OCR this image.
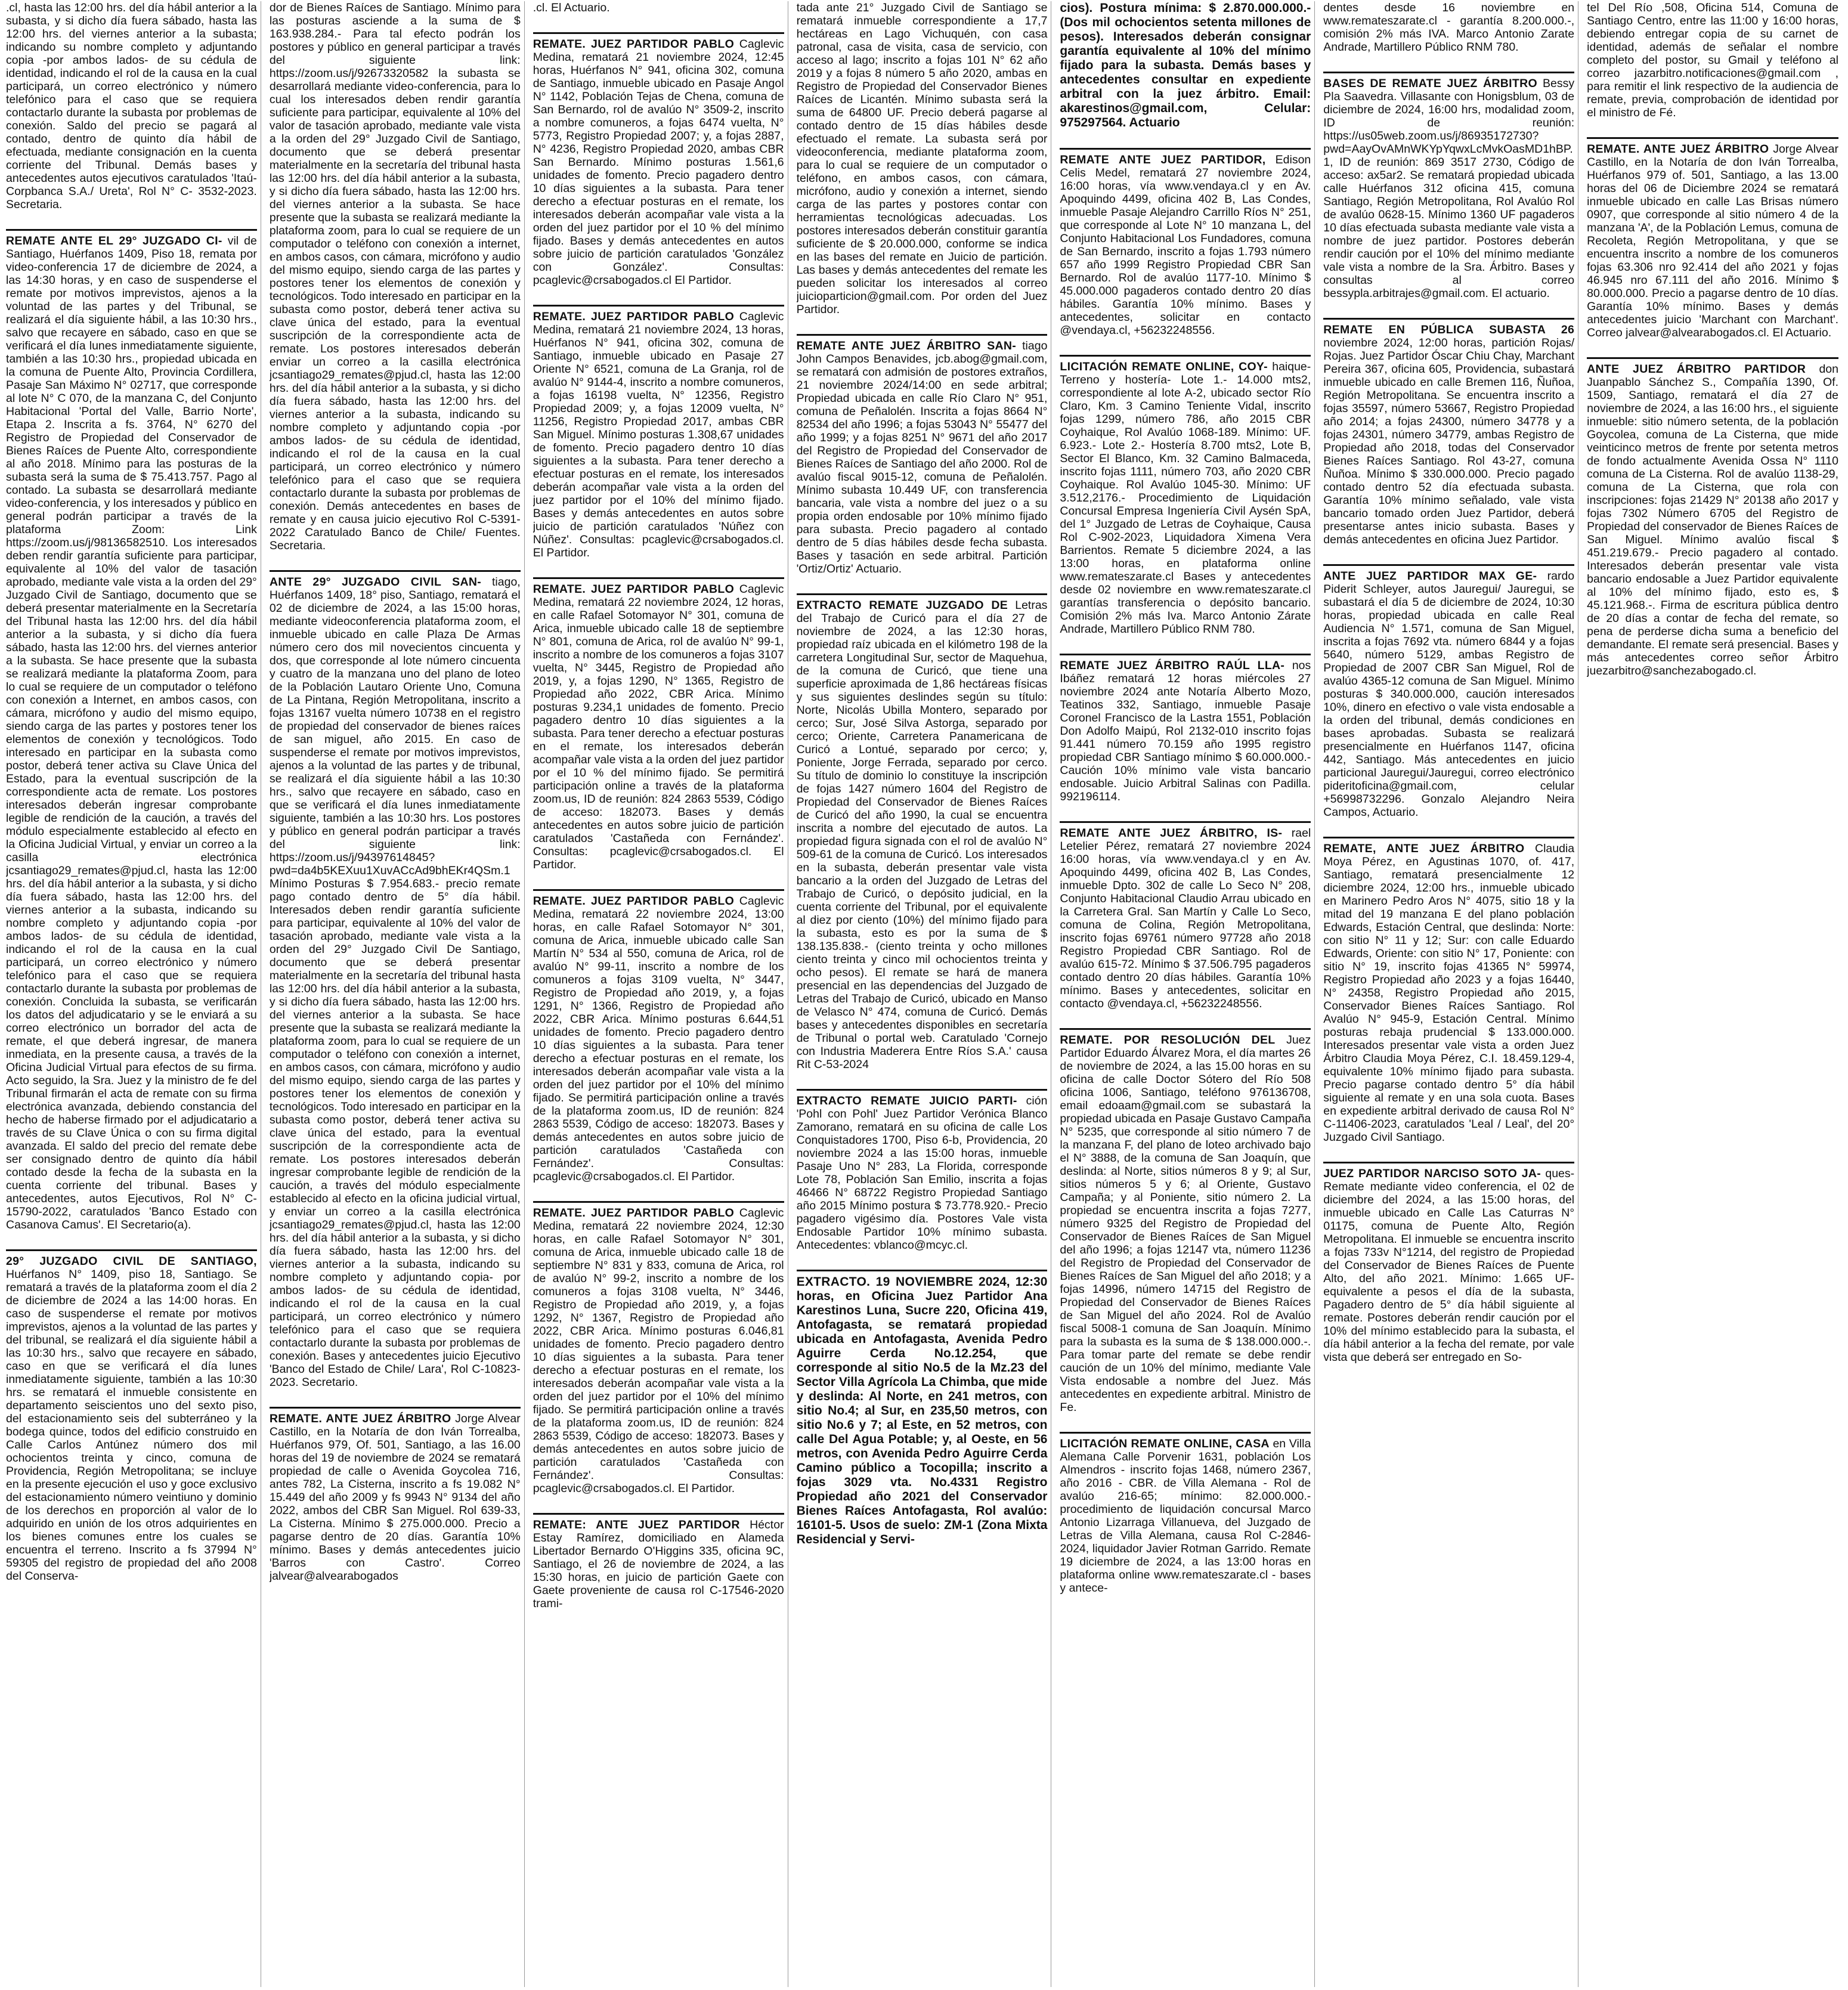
.cl, hasta las 12:00 hrs. del día hábil anterior a la subasta, y si dicho día fuera sábado, hasta las 12:00 hrs. del viernes anterior a la subasta; indicando su nombre completo y adjuntando copia -por ambos lados- de su cédula de identidad, indicando el rol de la causa en la cual participará, un correo electrónico y número telefónico para el caso que se requiera contactarlo durante la subasta por problemas de conexión. Saldo del precio se pagará al contado, dentro de quinto día hábil de efectuada, mediante consignación en la cuenta corriente del Tribunal. Demás bases y antecedentes autos ejecutivos caratulados 'Itaú-Corpbanca S.A./ Ureta', Rol N° C- 3532-2023. Secretaria.

REMATE ANTE EL 29° JUZGADO CI- vil de Santiago, Huérfanos 1409, Piso 18, remata por video-conferencia 17 de diciembre de 2024, a las 14:30 horas, y en caso de suspenderse el remate por motivos imprevistos, ajenos a la voluntad de las partes y del Tribunal, se realizará el día siguiente hábil, a las 10:30 hrs., salvo que recayere en sábado, caso en que se verificará el día lunes inmediatamente siguiente, también a las 10:30 hrs., propiedad ubicada en la comuna de Puente Alto, Provincia Cordillera, Pasaje San Máximo N° 02717, que corresponde al lote N° C 070, de la manzana C, del Conjunto Habitacional 'Portal del Valle, Barrio Norte', Etapa 2. Inscrita a fs. 3764, N° 6270 del Registro de Propiedad del Conservador de Bienes Raíces de Puente Alto, correspondiente al año 2018. Mínimo para las posturas de la subasta será la suma de $ 75.413.757. Pago al contado. La subasta se desarrollará mediante video-conferencia, y los interesados y público en general podrán participar a través de la plataforma Zoom: Link https://zoom.us/j/98136582510. Los interesados deben rendir garantía suficiente para participar, equivalente al 10% del valor de tasación aprobado, mediante vale vista a la orden del 29° Juzgado Civil de Santiago, documento que se deberá presentar materialmente en la Secretaría del Tribunal hasta las 12:00 hrs. del día hábil anterior a la subasta, y si dicho día fuera sábado, hasta las 12:00 hrs. del viernes anterior a la subasta. Se hace presente que la subasta se realizará mediante la plataforma Zoom, para lo cual se requiere de un computador o teléfono con conexión a Internet, en ambos casos, con cámara, micrófono y audio del mismo equipo, siendo carga de las partes y postores tener los elementos de conexión y tecnológicos. Todo interesado en participar en la subasta como postor, deberá tener activa su Clave Única del Estado, para la eventual suscripción de la correspondiente acta de remate. Los postores interesados deberán ingresar comprobante legible de rendición de la caución, a través del módulo especialmente establecido al efecto en la Oficina Judicial Virtual, y enviar un correo a la casilla electrónica jcsantiago29_remates@pjud.cl, hasta las 12:00 hrs. del día hábil anterior a la subasta, y si dicho día fuera sábado, hasta las 12:00 hrs. del viernes anterior a la subasta, indicando su nombre completo y adjuntando copia -por ambos lados- de su cédula de identidad, indicando el rol de la causa en la cual participará, un correo electrónico y número telefónico para el caso que se requiera contactarlo durante la subasta por problemas de conexión. Concluida la subasta, se verificarán los datos del adjudicatario y se le enviará a su correo electrónico un borrador del acta de remate, el que deberá ingresar, de manera inmediata, en la presente causa, a través de la Oficina Judicial Virtual para efectos de su firma. Acto seguido, la Sra. Juez y la ministro de fe del Tribunal firmarán el acta de remate con su firma electrónica avanzada, debiendo constancia del hecho de haberse firmado por el adjudicatario a través de su Clave Única o con su firma digital avanzada. El saldo del precio del remate debe ser consignado dentro de quinto día hábil contado desde la fecha de la subasta en la cuenta corriente del tribunal. Bases y antecedentes, autos Ejecutivos, Rol N° C-15790-2022, caratulados 'Banco Estado con Casanova Camus'. El Secretario(a).

29° JUZGADO CIVIL DE SANTIAGO, Huérfanos N° 1409, piso 18, Santiago. Se rematará a través de la plataforma zoom el día 2 de diciembre de 2024 a las 14:00 horas. En caso de suspenderse el remate por motivos imprevistos, ajenos a la voluntad de las partes y del tribunal, se realizará el día siguiente hábil a las 10:30 hrs., salvo que recayere en sábado, caso en que se verificará el día lunes inmediatamente siguiente, también a las 10:30 hrs. se rematará el inmueble consistente en departamento seiscientos uno del sexto piso, del estacionamiento seis del subterráneo y la bodega quince, todos del edificio construido en Calle Carlos Antúnez número dos mil ochocientos treinta y cinco, comuna de Providencia, Región Metropolitana; se incluye en la presente ejecución el uso y goce exclusivo del estacionamiento número veintiuno y dominio de los derechos en proporción al valor de lo adquirido en unión de los otros adquirientes en los bienes comunes entre los cuales se encuentra el terreno. Inscrito a fs 37994 N° 59305 del registro de propiedad del año 2008 del Conserva-

dor de Bienes Raíces de Santiago. Mínimo para las posturas asciende a la suma de $ 163.938.284.- Para tal efecto podrán los postores y público en general participar a través del siguiente link: https://zoom.us/j/92673320582 la subasta se desarrollará mediante video-conferencia, para lo cual los interesados deben rendir garantía suficiente para participar, equivalente al 10% del valor de tasación aprobado, mediante vale vista a la orden del 29° Juzgado Civil de Santiago, documento que se deberá presentar materialmente en la secretaría del tribunal hasta las 12:00 hrs. del día hábil anterior a la subasta, y si dicho día fuera sábado, hasta las 12:00 hrs. del viernes anterior a la subasta. Se hace presente que la subasta se realizará mediante la plataforma zoom, para lo cual se requiere de un computador o teléfono con conexión a internet, en ambos casos, con cámara, micrófono y audio del mismo equipo, siendo carga de las partes y postores tener los elementos de conexión y tecnológicos. Todo interesado en participar en la subasta como postor, deberá tener activa su clave única del estado, para la eventual suscripción de la correspondiente acta de remate. Los postores interesados deberán enviar un correo a la casilla electrónica jcsantiago29_remates@pjud.cl, hasta las 12:00 hrs. del día hábil anterior a la subasta, y si dicho día fuera sábado, hasta las 12:00 hrs. del viernes anterior a la subasta, indicando su nombre completo y adjuntando copia -por ambos lados- de su cédula de identidad, indicando el rol de la causa en la cual participará, un correo electrónico y número telefónico para el caso que se requiera contactarlo durante la subasta por problemas de conexión. Demás antecedentes en bases de remate y en causa juicio ejecutivo Rol C-5391-2022 Caratulado Banco de Chile/ Fuentes. Secretaria.

ANTE 29° JUZGADO CIVIL SAN- tiago, Huérfanos 1409, 18° piso, Santiago, rematará el 02 de diciembre de 2024, a las 15:00 horas, mediante videoconferencia plataforma zoom, el inmueble ubicado en calle Plaza De Armas número cero dos mil novecientos cincuenta y dos, que corresponde al lote número cincuenta y cuatro de la manzana uno del plano de loteo de la Población Lautaro Oriente Uno, Comuna de La Pintana, Región Metropolitana, inscrito a fojas 13167 vuelta número 10738 en el registro de propiedad del conservador de bienes raíces de san miguel, año 2015. En caso de suspenderse el remate por motivos imprevistos, ajenos a la voluntad de las partes y de tribunal, se realizará el día siguiente hábil a las 10:30 hrs., salvo que recayere en sábado, caso en que se verificará el día lunes inmediatamente siguiente, también a las 10:30 hrs. Los postores y público en general podrán participar a través del siguiente link: https://zoom.us/j/94397614845?pwd=da4b5KEXuu1XuvACcAd9bhEKr4QSm.1 Mínimo Posturas $ 7.954.683.- precio remate pago contado dentro de 5° día hábil. Interesados deben rendir garantía suficiente para participar, equivalente al 10% del valor de tasación aprobado, mediante vale vista a la orden del 29° Juzgado Civil De Santiago, documento que se deberá presentar materialmente en la secretaría del tribunal hasta las 12:00 hrs. del día hábil anterior a la subasta, y si dicho día fuera sábado, hasta las 12:00 hrs. del viernes anterior a la subasta. Se hace presente que la subasta se realizará mediante la plataforma zoom, para lo cual se requiere de un computador o teléfono con conexión a internet, en ambos casos, con cámara, micrófono y audio del mismo equipo, siendo carga de las partes y postores tener los elementos de conexión y tecnológicos. Todo interesado en participar en la subasta como postor, deberá tener activa su clave única del estado, para la eventual suscripción de la correspondiente acta de remate. Los postores interesados deberán ingresar comprobante legible de rendición de la caución, a través del módulo especialmente establecido al efecto en la oficina judicial virtual, y enviar un correo a la casilla electrónica jcsantiago29_remates@pjud.cl, hasta las 12:00 hrs. del día hábil anterior a la subasta, y si dicho día fuera sábado, hasta las 12:00 hrs. del viernes anterior a la subasta, indicando su nombre completo y adjuntando copia- por ambos lados- de su cédula de identidad, indicando el rol de la causa en la cual participará, un correo electrónico y número telefónico para el caso que se requiera contactarlo durante la subasta por problemas de conexión. Bases y antecedentes juicio Ejecutivo 'Banco del Estado de Chile/ Lara', Rol C-10823-2023. Secretario.

REMATE. ANTE JUEZ ÁRBITRO Jorge Alvear Castillo, en la Notaría de don Iván Torrealba, Huérfanos 979, Of. 501, Santiago, a las 16.00 horas del 19 de noviembre de 2024 se rematará propiedad de calle o Avenida Goycolea 716, antes 782, La Cisterna, inscrito a fs 19.082 N° 15.449 del año 2009 y fs 9943 N° 9134 del año 2022, ambos del CBR San Miguel. Rol 639-33, La Cisterna. Mínimo $ 275.000.000. Precio a pagarse dentro de 20 días. Garantía 10% mínimo. Bases y demás antecedentes juicio 'Barros con Castro'. Correo jalvear@alvearabogados

.cl. El Actuario.

REMATE. JUEZ PARTIDOR PABLO Caglevic Medina, rematará 21 noviembre 2024, 12:45 horas, Huérfanos N° 941, oficina 302, comuna de Santiago, inmueble ubicado en Pasaje Angol N° 1142, Población Tejas de Chena, comuna de San Bernardo, rol de avalúo N° 3509-2, inscrito a nombre comuneros, a fojas 6474 vuelta, N° 5773, Registro Propiedad 2007; y, a fojas 2887, N° 4236, Registro Propiedad 2020, ambas CBR San Bernardo. Mínimo posturas 1.561,6 unidades de fomento. Precio pagadero dentro 10 días siguientes a la subasta. Para tener derecho a efectuar posturas en el remate, los interesados deberán acompañar vale vista a la orden del juez partidor por el 10 % del mínimo fijado. Bases y demás antecedentes en autos sobre juicio de partición caratulados 'González con González'. Consultas: pcaglevic@crsabogados.cl El Partidor.

REMATE. JUEZ PARTIDOR PABLO Caglevic Medina, rematará 21 noviembre 2024, 13 horas, Huérfanos N° 941, oficina 302, comuna de Santiago, inmueble ubicado en Pasaje 27 Oriente N° 6521, comuna de La Granja, rol de avalúo N° 9144-4, inscrito a nombre comuneros, a fojas 16198 vuelta, N° 12356, Registro Propiedad 2009; y, a fojas 12009 vuelta, N° 11256, Registro Propiedad 2017, ambas CBR San Miguel. Mínimo posturas 1.308,67 unidades de fomento. Precio pagadero dentro 10 días siguientes a la subasta. Para tener derecho a efectuar posturas en el remate, los interesados deberán acompañar vale vista a la orden del juez partidor por el 10% del mínimo fijado. Bases y demás antecedentes en autos sobre juicio de partición caratulados 'Núñez con Núñez'. Consultas: pcaglevic@crsabogados.cl. El Partidor.

REMATE. JUEZ PARTIDOR PABLO Caglevic Medina, rematará 22 noviembre 2024, 12 horas, en calle Rafael Sotomayor N° 301, comuna de Arica, inmueble ubicado calle 18 de septiembre N° 801, comuna de Arica, rol de avalúo N° 99-1, inscrito a nombre de los comuneros a fojas 3107 vuelta, N° 3445, Registro de Propiedad año 2019, y, a fojas 1290, N° 1365, Registro de Propiedad año 2022, CBR Arica. Mínimo posturas 9.234,1 unidades de fomento. Precio pagadero dentro 10 días siguientes a la subasta. Para tener derecho a efectuar posturas en el remate, los interesados deberán acompañar vale vista a la orden del juez partidor por el 10 % del mínimo fijado. Se permitirá participación online a través de la plataforma zoom.us, ID de reunión: 824 2863 5539, Código de acceso: 182073. Bases y demás antecedentes en autos sobre juicio de partición caratulados 'Castañeda con Fernández'. Consultas: pcaglevic@crsabogados.cl. El Partidor.

REMATE. JUEZ PARTIDOR PABLO Caglevic Medina, rematará 22 noviembre 2024, 13:00 horas, en calle Rafael Sotomayor N° 301, comuna de Arica, inmueble ubicado calle San Martín N° 534 al 550, comuna de Arica, rol de avalúo N° 99-11, inscrito a nombre de los comuneros a fojas 3109 vuelta, N° 3447, Registro de Propiedad año 2019, y, a fojas 1291, N° 1366, Registro de Propiedad año 2022, CBR Arica. Mínimo posturas 6.644,51 unidades de fomento. Precio pagadero dentro 10 días siguientes a la subasta. Para tener derecho a efectuar posturas en el remate, los interesados deberán acompañar vale vista a la orden del juez partidor por el 10% del mínimo fijado. Se permitirá participación online a través de la plataforma zoom.us, ID de reunión: 824 2863 5539, Código de acceso: 182073. Bases y demás antecedentes en autos sobre juicio de partición caratulados 'Castañeda con Fernández'. Consultas: pcaglevic@crsabogados.cl. El Partidor.

REMATE. JUEZ PARTIDOR PABLO Caglevic Medina, rematará 22 noviembre 2024, 12:30 horas, en calle Rafael Sotomayor N° 301, comuna de Arica, inmueble ubicado calle 18 de septiembre N° 831 y 833, comuna de Arica, rol de avalúo N° 99-2, inscrito a nombre de los comuneros a fojas 3108 vuelta, N° 3446, Registro de Propiedad año 2019, y, a fojas 1292, N° 1367, Registro de Propiedad año 2022, CBR Arica. Mínimo posturas 6.046,81 unidades de fomento. Precio pagadero dentro 10 días siguientes a la subasta. Para tener derecho a efectuar posturas en el remate, los interesados deberán acompañar vale vista a la orden del juez partidor por el 10% del mínimo fijado. Se permitirá participación online a través de la plataforma zoom.us, ID de reunión: 824 2863 5539, Código de acceso: 182073. Bases y demás antecedentes en autos sobre juicio de partición caratulados 'Castañeda con Fernández'. Consultas: pcaglevic@crsabogados.cl. El Partidor.

REMATE: ANTE JUEZ PARTIDOR Héctor Estay Ramírez, domiciliado en Alameda Libertador Bernardo O'Higgins 335, oficina 9C, Santiago, el 26 de noviembre de 2024, a las 15:30 horas, en juicio de partición Gaete con Gaete proveniente de causa rol C-17546-2020 trami-

tada ante 21° Juzgado Civil de Santiago se rematará inmueble correspondiente a 17,7 hectáreas en Lago Vichuquén, con casa patronal, casa de visita, casa de servicio, con acceso al lago; inscrito a fojas 101 N° 62 año 2019 y a fojas 8 número 5 año 2020, ambas en Registro de Propiedad del Conservador Bienes Raíces de Licantén. Mínimo subasta será la suma de 64800 UF. Precio deberá pagarse al contado dentro de 15 días hábiles desde efectuado el remate. La subasta será por videoconferencia, mediante plataforma zoom, para lo cual se requiere de un computador o teléfono, en ambos casos, con cámara, micrófono, audio y conexión a internet, siendo carga de las partes y postores contar con herramientas tecnológicas adecuadas. Los postores interesados deberán constituir garantía suficiente de $ 20.000.000, conforme se indica en las bases del remate en Juicio de partición. Las bases y demás antecedentes del remate les pueden solicitar los interesados al correo juicioparticion@gmail.com. Por orden del Juez Partidor.

REMATE ANTE JUEZ ÁRBITRO SAN- tiago John Campos Benavides, jcb.abog@gmail.com, se rematará con admisión de postores extraños, 21 noviembre 2024/14:00 en sede arbitral; Propiedad ubicada en calle Río Claro N° 951, comuna de Peñalolén. Inscrita a fojas 8664 N° 82534 del año 1996; a fojas 53043 N° 55477 del año 1999; y a fojas 8251 N° 9671 del año 2017 del Registro de Propiedad del Conservador de Bienes Raíces de Santiago del año 2000. Rol de avalúo fiscal 9015-12, comuna de Peñalolén. Mínimo subasta 10.449 UF, con transferencia bancaria, vale vista a nombre del juez o a su propia orden endosable por 10% mínimo fijado para subasta. Precio pagadero al contado dentro de 5 días hábiles desde fecha subasta. Bases y tasación en sede arbitral. Partición 'Ortiz/Ortiz' Actuario.

EXTRACTO REMATE JUZGADO DE Letras del Trabajo de Curicó para el día 27 de noviembre de 2024, a las 12:30 horas, propiedad raíz ubicada en el kilómetro 198 de la carretera Longitudinal Sur, sector de Maquehua, de la comuna de Curicó, que tiene una superficie aproximada de 1,86 hectáreas físicas y sus siguientes deslindes según su título: Norte, Nicolás Ubilla Montero, separado por cerco; Sur, José Silva Astorga, separado por cerco; Oriente, Carretera Panamericana de Curicó a Lontué, separado por cerco; y, Poniente, Jorge Ferrada, separado por cerco. Su título de dominio lo constituye la inscripción de fojas 1427 número 1604 del Registro de Propiedad del Conservador de Bienes Raíces de Curicó del año 1990, la cual se encuentra inscrita a nombre del ejecutado de autos. La propiedad figura signada con el rol de avalúo N° 509-61 de la comuna de Curicó. Los interesados en la subasta, deberán presentar vale vista bancario a la orden del Juzgado de Letras del Trabajo de Curicó, o depósito judicial, en la cuenta corriente del Tribunal, por el equivalente al diez por ciento (10%) del mínimo fijado para la subasta, esto es por la suma de $ 138.135.838.- (ciento treinta y ocho millones ciento treinta y cinco mil ochocientos treinta y ocho pesos). El remate se hará de manera presencial en las dependencias del Juzgado de Letras del Trabajo de Curicó, ubicado en Manso de Velasco N° 474, comuna de Curicó. Demás bases y antecedentes disponibles en secretaría de Tribunal o portal web. Caratulado 'Cornejo con Industria Maderera Entre Ríos S.A.' causa Rit C-53-2024

EXTRACTO REMATE JUICIO PARTI- ción 'Pohl con Pohl' Juez Partidor Verónica Blanco Zamorano, rematará en su oficina de calle Los Conquistadores 1700, Piso 6-b, Providencia, 20 noviembre 2024 a las 15:00 horas, inmueble Pasaje Uno N° 283, La Florida, corresponde Lote 78, Población San Emilio, inscrita a fojas 46466 N° 68722 Registro Propiedad Santiago año 2015 Mínimo postura $ 73.778.920.- Precio pagadero vigésimo día. Postores Vale vista Endosable Partidor 10% mínimo subasta. Antecedentes: vblanco@mcyc.cl.

EXTRACTO. 19 NOVIEMBRE 2024, 12:30 horas, en Oficina Juez Partidor Ana Karestinos Luna, Sucre 220, Oficina 419, Antofagasta, se rematará propiedad ubicada en Antofagasta, Avenida Pedro Aguirre Cerda No.12.254, que corresponde al sitio No.5 de la Mz.23 del Sector Villa Agrícola La Chimba, que mide y deslinda: Al Norte, en 241 metros, con sitio No.4; al Sur, en 235,50 metros, con sitio No.6 y 7; al Este, en 52 metros, con calle Del Agua Potable; y, al Oeste, en 56 metros, con Avenida Pedro Aguirre Cerda Camino público a Tocopilla; inscrito a fojas 3029 vta. No.4331 Registro Propiedad año 2021 del Conservador Bienes Raíces Antofagasta, Rol avalúo: 16101-5. Usos de suelo: ZM-1 (Zona Mixta Residencial y Servi-

cios). Postura mínima: $ 2.870.000.000.-(Dos mil ochocientos setenta millones de pesos). Interesados deberán consignar garantía equivalente al 10% del mínimo fijado para la subasta. Demás bases y antecedentes consultar en expediente arbitral con la juez árbitro. Email: akarestinos@gmail.com, Celular: 975297564. Actuario

REMATE ANTE JUEZ PARTIDOR, Edison Celis Medel, rematará 27 noviembre 2024, 16:00 horas, vía www.vendaya.cl y en Av. Apoquindo 4499, oficina 402 B, Las Condes, inmueble Pasaje Alejandro Carrillo Ríos N° 251, que corresponde al Lote N° 10 manzana L, del Conjunto Habitacional Los Fundadores, comuna de San Bernardo, inscrito a fojas 1.793 número 657 año 1999 Registro Propiedad CBR San Bernardo. Rol de avalúo 1177-10. Mínimo $ 45.000.000 pagaderos contado dentro 20 días hábiles. Garantía 10% mínimo. Bases y antecedentes, solicitar en contacto @vendaya.cl, +56232248556.

LICITACIÓN REMATE ONLINE, COY- haique- Terreno y hostería- Lote 1.- 14.000 mts2, correspondiente al lote A-2, ubicado sector Río Claro, Km. 3 Camino Teniente Vidal, inscrito fojas 1299, número 786, año 2015 CBR Coyhaique, Rol Avalúo 1068-189. Mínimo: UF. 6.923.- Lote 2.- Hostería 8.700 mts2, Lote B, Sector El Blanco, Km. 32 Camino Balmaceda, inscrito fojas 1111, número 703, año 2020 CBR Coyhaique. Rol Avalúo 1045-30. Mínimo: UF 3.512,2176.- Procedimiento de Liquidación Concursal Empresa Ingeniería Civil Aysén SpA, del 1° Juzgado de Letras de Coyhaique, Causa Rol C-902-2023, Liquidadora Ximena Vera Barrientos. Remate 5 diciembre 2024, a las 13:00 horas, en plataforma online www.remateszarate.cl Bases y antecedentes desde 02 noviembre en www.remateszarate.cl garantías transferencia o depósito bancario. Comisión 2% más Iva. Marco Antonio Zárate Andrade, Martillero Público RNM 780.

REMATE JUEZ ÁRBITRO RAÚL LLA- nos Ibáñez rematará 12 horas miércoles 27 noviembre 2024 ante Notaría Alberto Mozo, Teatinos 332, Santiago, inmueble Pasaje Coronel Francisco de la Lastra 1551, Población Don Adolfo Maipú, Rol 2132-010 inscrito fojas 91.441 número 70.159 año 1995 registro propiedad CBR Santiago mínimo $ 60.000.000.- Caución 10% mínimo vale vista bancario endosable. Juicio Arbitral Salinas con Padilla. 992196114.

REMATE ANTE JUEZ ÁRBITRO, IS- rael Letelier Pérez, rematará 27 noviembre 2024 16:00 horas, vía www.vendaya.cl y en Av. Apoquindo 4499, oficina 402 B, Las Condes, inmueble Dpto. 302 de calle Lo Seco N° 208, Conjunto Habitacional Claudio Arrau ubicado en la Carretera Gral. San Martín y Calle Lo Seco, comuna de Colina, Región Metropolitana, inscrito fojas 69761 número 97728 año 2018 Registro Propiedad CBR Santiago. Rol de avalúo 615-72. Mínimo $ 37.506.795 pagaderos contado dentro 20 días hábiles. Garantía 10% mínimo. Bases y antecedentes, solicitar en contacto @vendaya.cl, +56232248556.

REMATE. POR RESOLUCIÓN DEL Juez Partidor Eduardo Álvarez Mora, el día martes 26 de noviembre de 2024, a las 15.00 horas en su oficina de calle Doctor Sótero del Río 508 oficina 1006, Santiago, teléfono 976136708, email edoaam@gmail.com se subastará la propiedad ubicada en Pasaje Gustavo Campaña N° 5235, que corresponde al sitio número 7 de la manzana F, del plano de loteo archivado bajo el N° 3888, de la comuna de San Joaquín, que deslinda: al Norte, sitios números 8 y 9; al Sur, sitios números 5 y 6; al Oriente, Gustavo Campaña; y al Poniente, sitio número 2. La propiedad se encuentra inscrita a fojas 7277, número 9325 del Registro de Propiedad del Conservador de Bienes Raíces de San Miguel del año 1996; a fojas 12147 vta, número 11236 del Registro de Propiedad del Conservador de Bienes Raíces de San Miguel del año 2018; y a fojas 14996, número 14715 del Registro de Propiedad del Conservador de Bienes Raíces de San Miguel del año 2024. Rol de Avalúo fiscal 5008-1 comuna de San Joaquín. Mínimo para la subasta es la suma de $ 138.000.000.-. Para tomar parte del remate se debe rendir caución de un 10% del mínimo, mediante Vale Vista endosable a nombre del Juez. Más antecedentes en expediente arbitral. Ministro de Fe.

LICITACIÓN REMATE ONLINE, CASA en Villa Alemana Calle Porvenir 1631, población Los Almendros - inscrito fojas 1468, número 2367, año 2016 - CBR. de Villa Alemana - Rol de avalúo 216-65; mínimo: 82.000.000.- procedimiento de liquidación concursal Marco Antonio Lizarraga Villanueva, del Juzgado de Letras de Villa Alemana, causa Rol C-2846-2024, liquidador Javier Rotman Garrido. Remate 19 diciembre de 2024, a las 13:00 horas en plataforma online www.remateszarate.cl - bases y antece-

dentes desde 16 noviembre en www.remateszarate.cl - garantía 8.200.000.-, comisión 2% más IVA. Marco Antonio Zarate Andrade, Martillero Público RNM 780.

BASES DE REMATE JUEZ ÁRBITRO Bessy Pla Saavedra. Villasante con Honigsblum, 03 de diciembre de 2024, 16:00 hrs, modalidad zoom, ID de reunión: https://us05web.zoom.us/j/86935172730?pwd=AayOvAMnWKYpYqwxLcMvkOasMD1hBP.1, ID de reunión: 869 3517 2730, Código de acceso: ax5ar2. Se rematará propiedad ubicada calle Huérfanos 312 oficina 415, comuna Santiago, Región Metropolitana, Rol Avalúo Rol de avalúo 0628-15. Mínimo 1360 UF pagaderos 10 días efectuada subasta mediante vale vista a nombre de juez partidor. Postores deberán rendir caución por el 10% del mínimo mediante vale vista a nombre de la Sra. Árbitro. Bases y consultas al correo bessypla.arbitrajes@gmail.com. El actuario.

REMATE EN PÚBLICA SUBASTA 26 noviembre 2024, 12:00 horas, partición Rojas/ Rojas. Juez Partidor Óscar Chiu Chay, Marchant Pereira 367, oficina 605, Providencia, subastará inmueble ubicado en calle Bremen 116, Ñuñoa, Región Metropolitana. Se encuentra inscrito a fojas 35597, número 53667, Registro Propiedad año 2014; a fojas 24300, número 34778 y a fojas 24301, número 34779, ambas Registro de Propiedad año 2018, todas del Conservador Bienes Raíces Santiago. Rol 43-27, comuna Ñuñoa. Mínimo $ 330.000.000. Precio pagado contado dentro 52 día efectuada subasta. Garantía 10% mínimo señalado, vale vista bancario tomado orden Juez Partidor, deberá presentarse antes inicio subasta. Bases y demás antecedentes en oficina Juez Partidor.

ANTE JUEZ PARTIDOR MAX GE- rardo Piderit Schleyer, autos Jauregui/ Jauregui, se subastará el día 5 de diciembre de 2024, 10:30 horas, propiedad ubicada en calle Real Audiencia N° 1.571, comuna de San Miguel, inscrita a fojas 7692 vta. número 6844 y a fojas 5640, número 5129, ambas Registro de Propiedad de 2007 CBR San Miguel, Rol de avalúo 4365-12 comuna de San Miguel. Mínimo posturas $ 340.000.000, caución interesados 10%, dinero en efectivo o vale vista endosable a la orden del tribunal, demás condiciones en bases aprobadas. Subasta se realizará presencialmente en Huérfanos 1147, oficina 442, Santiago. Más antecedentes en juicio particional Jauregui/Jauregui, correo electrónico pideritoficina@gmail.com, celular +56998732296. Gonzalo Alejandro Neira Campos, Actuario.

REMATE, ANTE JUEZ ÁRBITRO Claudia Moya Pérez, en Agustinas 1070, of. 417, Santiago, rematará presencialmente 12 diciembre 2024, 12:00 hrs., inmueble ubicado en Marinero Pedro Aros N° 4075, sitio 18 y la mitad del 19 manzana E del plano población Edwards, Estación Central, que deslinda: Norte: con sitio N° 11 y 12; Sur: con calle Eduardo Edwards, Oriente: con sitio N° 17, Poniente: con sitio N° 19, inscrito fojas 41365 N° 59974, Registro Propiedad año 2023 y a fojas 16440, N° 24358, Registro Propiedad año 2015, Conservador Bienes Raíces Santiago. Rol Avalúo N° 945-9, Estación Central. Mínimo posturas rebaja prudencial $ 133.000.000. Interesados presentar vale vista a orden Juez Árbitro Claudia Moya Pérez, C.I. 18.459.129-4, equivalente 10% mínimo fijado para subasta. Precio pagarse contado dentro 5° día hábil siguiente al remate y en una sola cuota. Bases en expediente arbitral derivado de causa Rol N° C-11406-2023, caratulados 'Leal / Leal', del 20° Juzgado Civil Santiago.

JUEZ PARTIDOR NARCISO SOTO JA- ques- Remate mediante video conferencia, el 02 de diciembre del 2024, a las 15:00 horas, del inmueble ubicado en Calle Las Caturras N° 01175, comuna de Puente Alto, Región Metropolitana. El inmueble se encuentra inscrito a fojas 733v N°1214, del registro de Propiedad del Conservador de Bienes Raíces de Puente Alto, del año 2021. Mínimo: 1.665 UF- equivalente a pesos el día de la subasta, Pagadero dentro de 5° día hábil siguiente al remate. Postores deberán rendir caución por el 10% del mínimo establecido para la subasta, el día hábil anterior a la fecha del remate, por vale vista que deberá ser entregado en So-

tel Del Río ,508, Oficina 514, Comuna de Santiago Centro, entre las 11:00 y 16:00 horas, debiendo entregar copia de su carnet de identidad, además de señalar el nombre completo del postor, su Gmail y teléfono al correo jazarbitro.notificaciones@gmail.com , para remitir el link respectivo de la audiencia de remate, previa, comprobación de identidad por el ministro de Fé.

REMATE. ANTE JUEZ ÁRBITRO Jorge Alvear Castillo, en la Notaría de don Iván Torrealba, Huérfanos 979 of. 501, Santiago, a las 13.00 horas del 06 de Diciembre 2024 se rematará inmueble ubicado en calle Las Brisas número 0907, que corresponde al sitio número 4 de la manzana 'A', de la Población Lemus, comuna de Recoleta, Región Metropolitana, y que se encuentra inscrito a nombre de los comuneros fojas 63.306 nro 92.414 del año 2021 y fojas 46.945 nro 67.111 del año 2016. Mínimo $ 80.000.000. Precio a pagarse dentro de 10 días. Garantía 10% mínimo. Bases y demás antecedentes juicio 'Marchant con Marchant'. Correo jalvear@alvearabogados.cl. El Actuario.

ANTE JUEZ ÁRBITRO PARTIDOR don Juanpablo Sánchez S., Compañía 1390, Of. 1509, Santiago, rematará el día 27 de noviembre de 2024, a las 16:00 hrs., el siguiente inmueble: sitio número setenta, de la población Goycolea, comuna de La Cisterna, que mide veinticinco metros de frente por setenta metros de fondo actualmente Avenida Ossa N° 1110 comuna de La Cisterna. Rol de avalúo 1138-29, comuna de La Cisterna, que rola con inscripciones: fojas 21429 N° 20138 año 2017 y fojas 7302 Número 6705 del Registro de Propiedad del conservador de Bienes Raíces de San Miguel. Mínimo avalúo fiscal $ 451.219.679.- Precio pagadero al contado. Interesados deberán presentar vale vista bancario endosable a Juez Partidor equivalente al 10% del mínimo fijado, esto es, $ 45.121.968.-. Firma de escritura pública dentro de 20 días a contar de fecha del remate, so pena de perderse dicha suma a beneficio del demandante. El remate será presencial. Bases y más antecedentes correo señor Árbitro juezarbitro@sanchezabogado.cl.
